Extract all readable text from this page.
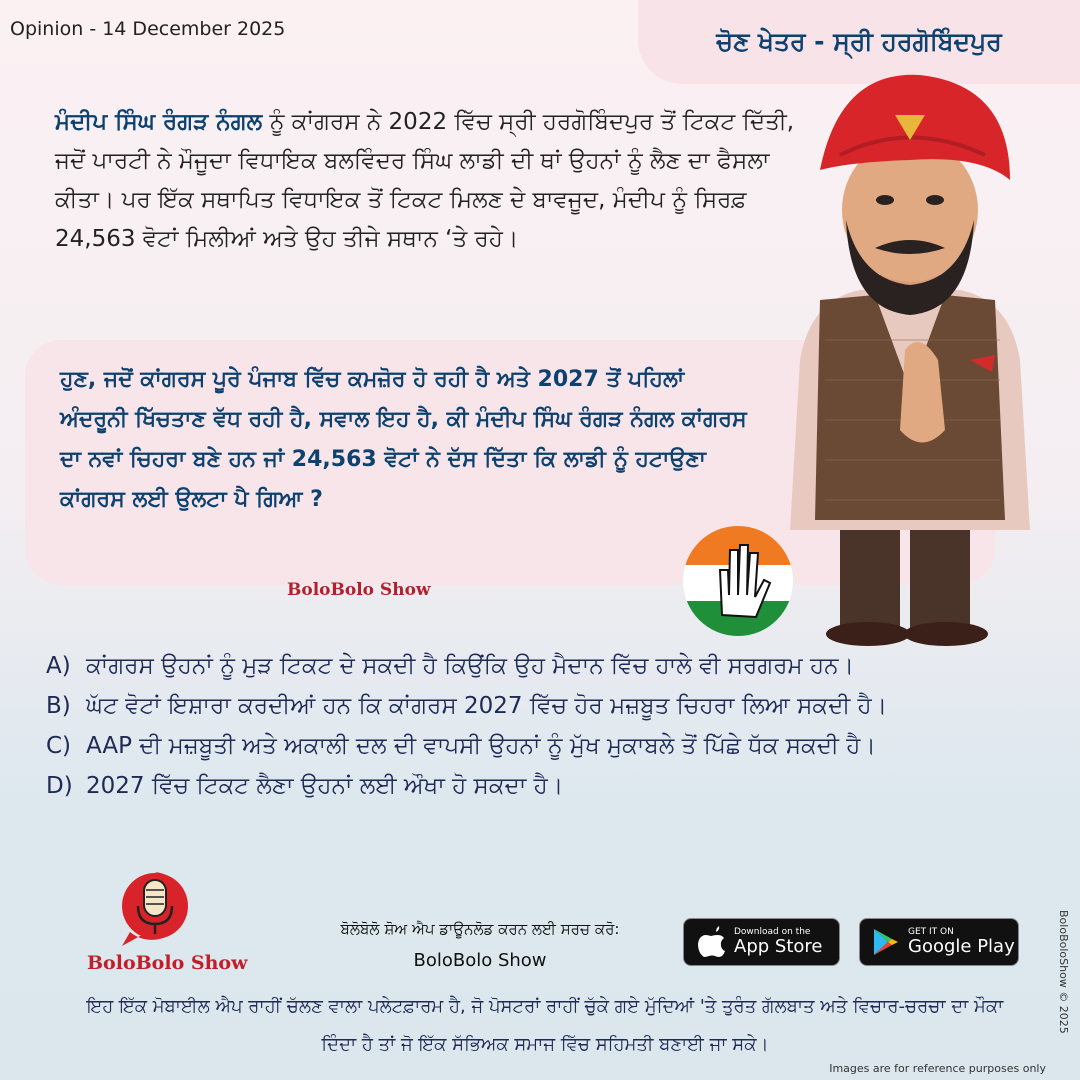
Opinion - 14 December 2025	ਚੋਣ ਖੇਤਰ - ਸ੍ਰੀ ਹਰਗੋਬਿੰਦਪੁਰ
ਮੰਦੀਪ ਸਿੰਘ ਰੰਗੜ ਨੰਗਲ ਨੂੰ ਕਾਂਗਰਸ ਨੇ 2022 ਵਿੱਚ ਸ੍ਰੀ ਹਰਗੋਬਿੰਦਪੁਰ ਤੋਂ ਟਿਕਟ ਦਿੱਤੀ, ਜਦੋਂ ਪਾਰਟੀ ਨੇ ਮੌਜੂਦਾ ਵਿਧਾਇਕ ਬਲਵਿੰਦਰ ਸਿੰਘ ਲਾਡੀ ਦੀ ਥਾਂ ਉਹਨਾਂ ਨੂੰ ਲੈਣ ਦਾ ਫੈਸਲਾ ਕੀਤਾ। ਪਰ ਇੱਕ ਸਥਾਪਿਤ ਵਿਧਾਇਕ ਤੋਂ ਟਿਕਟ ਮਿਲਣ ਦੇ ਬਾਵਜੂਦ, ਮੰਦੀਪ ਨੂੰ ਸਿਰਫ਼ 24,563 ਵੋਟਾਂ ਮਿਲੀਆਂ ਅਤੇ ਉਹ ਤੀਜੇ ਸਥਾਨ ‘ਤੇ ਰਹੇ।
ਹੁਣ, ਜਦੋਂ ਕਾਂਗਰਸ ਪੂਰੇ ਪੰਜਾਬ ਵਿੱਚ ਕਮਜ਼ੋਰ ਹੋ ਰਹੀ ਹੈ ਅਤੇ 2027 ਤੋਂ ਪਹਿਲਾਂ ਅੰਦਰੂਨੀ ਖਿੱਚਤਾਣ ਵੱਧ ਰਹੀ ਹੈ, ਸਵਾਲ ਇਹ ਹੈ, ਕੀ ਮੰਦੀਪ ਸਿੰਘ ਰੰਗੜ ਨੰਗਲ ਕਾਂਗਰਸ ਦਾ ਨਵਾਂ ਚਿਹਰਾ ਬਣੇ ਹਨ ਜਾਂ 24,563 ਵੋਟਾਂ ਨੇ ਦੱਸ ਦਿੱਤਾ ਕਿ ਲਾਡੀ ਨੂੰ ਹਟਾਉਣਾ ਕਾਂਗਰਸ ਲਈ ਉਲਟਾ ਪੈ ਗਿਆ ?
BoloBolo Show
A) ਕਾਂਗਰਸ ਉਹਨਾਂ ਨੂੰ ਮੁੜ ਟਿਕਟ ਦੇ ਸਕਦੀ ਹੈ ਕਿਉਂਕਿ ਉਹ ਮੈਦਾਨ ਵਿੱਚ ਹਾਲੇ ਵੀ ਸਰਗਰਮ ਹਨ।
B) ਘੱਟ ਵੋਟਾਂ ਇਸ਼ਾਰਾ ਕਰਦੀਆਂ ਹਨ ਕਿ ਕਾਂਗਰਸ 2027 ਵਿੱਚ ਹੋਰ ਮਜ਼ਬੂਤ ਚਿਹਰਾ ਲਿਆ ਸਕਦੀ ਹੈ।
C) AAP ਦੀ ਮਜ਼ਬੂਤੀ ਅਤੇ ਅਕਾਲੀ ਦਲ ਦੀ ਵਾਪਸੀ ਉਹਨਾਂ ਨੂੰ ਮੁੱਖ ਮੁਕਾਬਲੇ ਤੋਂ ਪਿੱਛੇ ਧੱਕ ਸਕਦੀ ਹੈ।
D) 2027 ਵਿੱਚ ਟਿਕਟ ਲੈਣਾ ਉਹਨਾਂ ਲਈ ਔਖਾ ਹੋ ਸਕਦਾ ਹੈ।
BoloBolo Show
ਬੋਲੋਬੋਲੋ ਸ਼ੋਅ ਐਪ ਡਾਊਨਲੋਡ ਕਰਨ ਲਈ ਸਰਚ ਕਰੋ:
BoloBolo Show
Download on the
App Store
GET IT ON
Google Play
ਇਹ ਇੱਕ ਮੋਬਾਈਲ ਐਪ ਰਾਹੀਂ ਚੱਲਣ ਵਾਲਾ ਪਲੇਟਫ਼ਾਰਮ ਹੈ, ਜੋ ਪੋਸਟਰਾਂ ਰਾਹੀਂ ਚੁੱਕੇ ਗਏ ਮੁੱਦਿਆਂ 'ਤੇ ਤੁਰੰਤ ਗੱਲਬਾਤ ਅਤੇ ਵਿਚਾਰ-ਚਰਚਾ ਦਾ ਮੌਕਾ ਦਿੰਦਾ ਹੈ ਤਾਂ ਜੋ ਇੱਕ ਸੱਭਿਅਕ ਸਮਾਜ ਵਿੱਚ ਸਹਿਮਤੀ ਬਣਾਈ ਜਾ ਸਕੇ।
BoloBoloShow © 2025
Images are for reference purposes only
